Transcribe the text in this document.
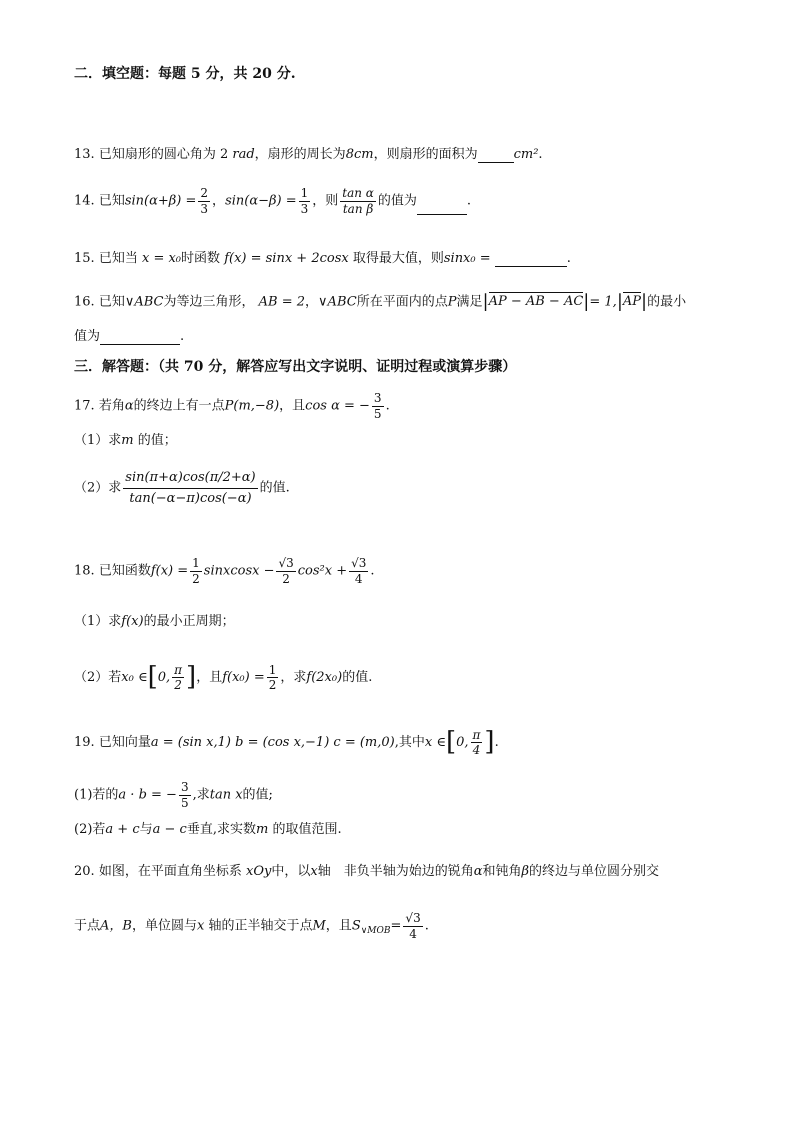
二．填空题：每题 5 分，共 20 分.
13. 已知扇形的圆心角为 2 rad，扇形的周长为8cm，则扇形的面积为	cm².
14. 已知$\sin(\alpha+\beta) = \frac{2}{3}$ ，$\sin(\alpha-\beta) = \frac{1}{3}$ ，则 $\frac{\text{tan α}}{\text{tan β}}$ 的值为	.
15. 已知当 x = x₀时函数 f(x) = sinx + 2cosx 取得最大值，则sinx₀ =	.
16. 已知∨ABC为等边三角形， AB = 2，∨ABC所在平面内的点P满足|AP − AB − AC|= 1,|AP|的最小
值为	.
三．解答题：（共 70 分，解答应写出文字说明、证明过程或演算步骤）
17. 若角α的终边上有一点P(m,−8)，且cos α = − $\frac{3}{5}$ .
（1）求m 的值；
（2）求 $\frac{\sin(\pi+\alpha)\cos(\pi/2+\alpha)}{\tan(-\alpha-\pi)\cos(-\alpha)}$ 的值.
18. 已知函数$f(x) = \frac{1}{2}$ sinxcosx − $\frac{√3}{2} \cos^2x + \frac{√3}{4}$ .
（1）求f(x)的最小正周期；
（2）若x₀ ∈[0, $\frac{\pi}{2}$ ]，且$f(x_0) = \frac{1}{2}$ ，求f(2x₀)的值.
19. 已知向量a = (sin x,1) b = (cos x,−1) c = (m,0),其中x ∈[0, $\frac{\pi}{4}$ ].
(1)若的a · b = − $\frac{3}{5}$ ,求tan x的值;
(2)若a + c与a − c垂直,求实数m 的取值范围.
20. 如图，在平面直角坐标系 xOy中，以x轴　非负半轴为始边的锐角α和钝角β的终边与单位圆分别交
于点A，B，单位圆与x 轴的正半轴交于点M，且$S_{\vee MOB}= \frac{√3}{4}$ .
